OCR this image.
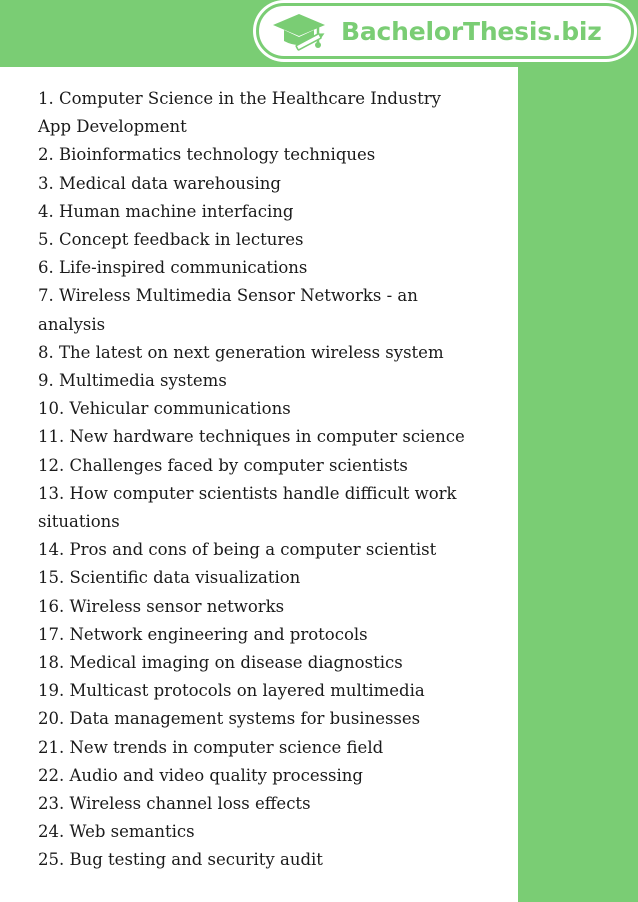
BachelorThesis.biz
1. Computer Science in the Healthcare Industry App Development
2. Bioinformatics technology techniques
3. Medical data warehousing
4. Human machine interfacing
5. Concept feedback in lectures
6. Life-inspired communications
7. Wireless Multimedia Sensor Networks - an analysis
8. The latest on next generation wireless system
9. Multimedia systems
10. Vehicular communications
11. New hardware techniques in computer science
12. Challenges faced by computer scientists
13. How computer scientists handle difficult work situations
14. Pros and cons of being a computer scientist
15. Scientific data visualization
16. Wireless sensor networks
17. Network engineering and protocols
18. Medical imaging on disease diagnostics
19. Multicast protocols on layered multimedia
20. Data management systems for businesses
21. New trends in computer science field
22. Audio and video quality processing
23. Wireless channel loss effects
24. Web semantics
25. Bug testing and security audit
